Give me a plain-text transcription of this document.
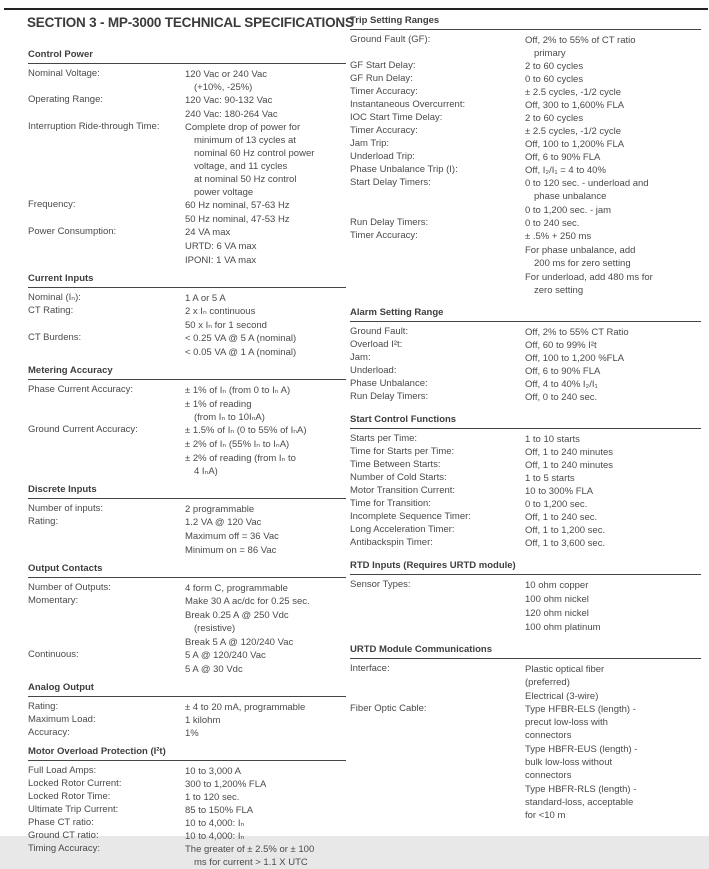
SECTION 3 - MP-3000 TECHNICAL SPECIFICATIONS
Control Power
Nominal Voltage:	120 Vac or 240 Vac
(+10%, -25%)
Operating Range:	120 Vac: 90-132 Vac
240 Vac: 180-264 Vac
Interruption Ride-through Time:	Complete drop of power for
minimum of 13 cycles at
nominal 60 Hz control power
voltage, and 11 cycles
at nominal 50 Hz control
power voltage
Frequency:	60 Hz nominal, 57-63 Hz
50 Hz nominal, 47-53 Hz
Power Consumption:	24 VA max
URTD: 6 VA max
IPONI: 1 VA max
Current Inputs
Nominal (Iₙ):	1 A or 5 A
CT Rating:	2 x Iₙ continuous
50 x Iₙ for 1 second
CT Burdens:	< 0.25 VA @ 5 A (nominal)
< 0.05 VA @ 1 A (nominal)
Metering Accuracy
Phase Current Accuracy:	± 1% of Iₙ (from 0 to Iₙ A)
± 1% of reading
(from Iₙ to 10IₙA)
Ground Current Accuracy:	± 1.5% of Iₙ (0 to 55% of IₙA)
± 2% of Iₙ (55% Iₙ to IₙA)
± 2% of reading (from Iₙ to
4 IₙA)
Discrete Inputs
Number of inputs:	2 programmable
Rating:	1.2 VA @ 120 Vac
Maximum off = 36 Vac
Minimum on = 86 Vac
Output Contacts
Number of Outputs:	4 form C, programmable
Momentary:	Make 30 A ac/dc for 0.25 sec.
Break 0.25 A @ 250 Vdc
(resistive)
Break 5 A @ 120/240 Vac
Continuous:	5 A @ 120/240 Vac
5 A @ 30 Vdc
Analog Output
Rating:	± 4 to 20 mA, programmable
Maximum Load:	1 kilohm
Accuracy:	1%
Motor Overload Protection (I²t)
Full Load Amps:	10 to 3,000 A
Locked Rotor Current:	300 to 1,200% FLA
Locked Rotor Time:	1 to 120 sec.
Ultimate Trip Current:	85 to 150% FLA
Phase CT ratio:	10 to 4,000: Iₙ
Ground CT ratio:	10 to 4,000: Iₙ
Timing Accuracy:	The greater of ± 2.5% or ± 100
ms for current > 1.1 X UTC
Trip Setting Ranges
Ground Fault (GF):	Off, 2% to 55% of CT ratio
primary
GF Start Delay:	2 to 60 cycles
GF Run Delay:	0 to 60 cycles
Timer Accuracy:	± 2.5 cycles, -1/2 cycle
Instantaneous Overcurrent:	Off, 300 to 1,600% FLA
IOC Start Time Delay:	2 to 60 cycles
Timer Accuracy:	± 2.5 cycles, -1/2 cycle
Jam Trip:	Off, 100 to 1,200% FLA
Underload Trip:	Off, 6 to 90% FLA
Phase Unbalance Trip (I):	Off, I₂/I₁ = 4 to 40%
Start Delay Timers:	0 to 120 sec. - underload and
phase unbalance
0 to 1,200 sec. - jam
Run Delay Timers:	0 to 240 sec.
Timer Accuracy:	± .5% + 250 ms
For phase unbalance, add
200 ms for zero setting
For underload, add 480 ms for
zero setting
Alarm Setting Range
Ground Fault:	Off, 2% to 55% CT Ratio
Overload I²t:	Off, 60 to 99% I²t
Jam:	Off, 100 to 1,200 %FLA
Underload:	Off, 6 to 90% FLA
Phase Unbalance:	Off, 4 to 40% I₂/I₁
Run Delay Timers:	Off, 0 to 240 sec.
Start Control Functions
Starts per Time:	1 to 10 starts
Time for Starts per Time:	Off, 1 to 240 minutes
Time Between Starts:	Off, 1 to 240 minutes
Number of Cold Starts:	1 to 5 starts
Motor Transition Current:	10 to 300% FLA
Time for Transition:	0 to 1,200 sec.
Incomplete Sequence Timer:	Off, 1 to 240 sec.
Long Acceleration Timer:	Off, 1 to 1,200 sec.
Antibackspin Timer:	Off, 1 to 3,600 sec.
RTD Inputs (Requires URTD module)
Sensor Types:	10 ohm copper
100 ohm nickel
120 ohm nickel
100 ohm platinum
URTD Module Communications
Interface:	Plastic optical fiber
(preferred)
Electrical (3-wire)
Fiber Optic Cable:	Type HFBR-ELS (length) -
precut low-loss with
connectors
Type HBFR-EUS (length) -
bulk low-loss without
connectors
Type HBFR-RLS (length) -
standard-loss, acceptable
for <10 m
